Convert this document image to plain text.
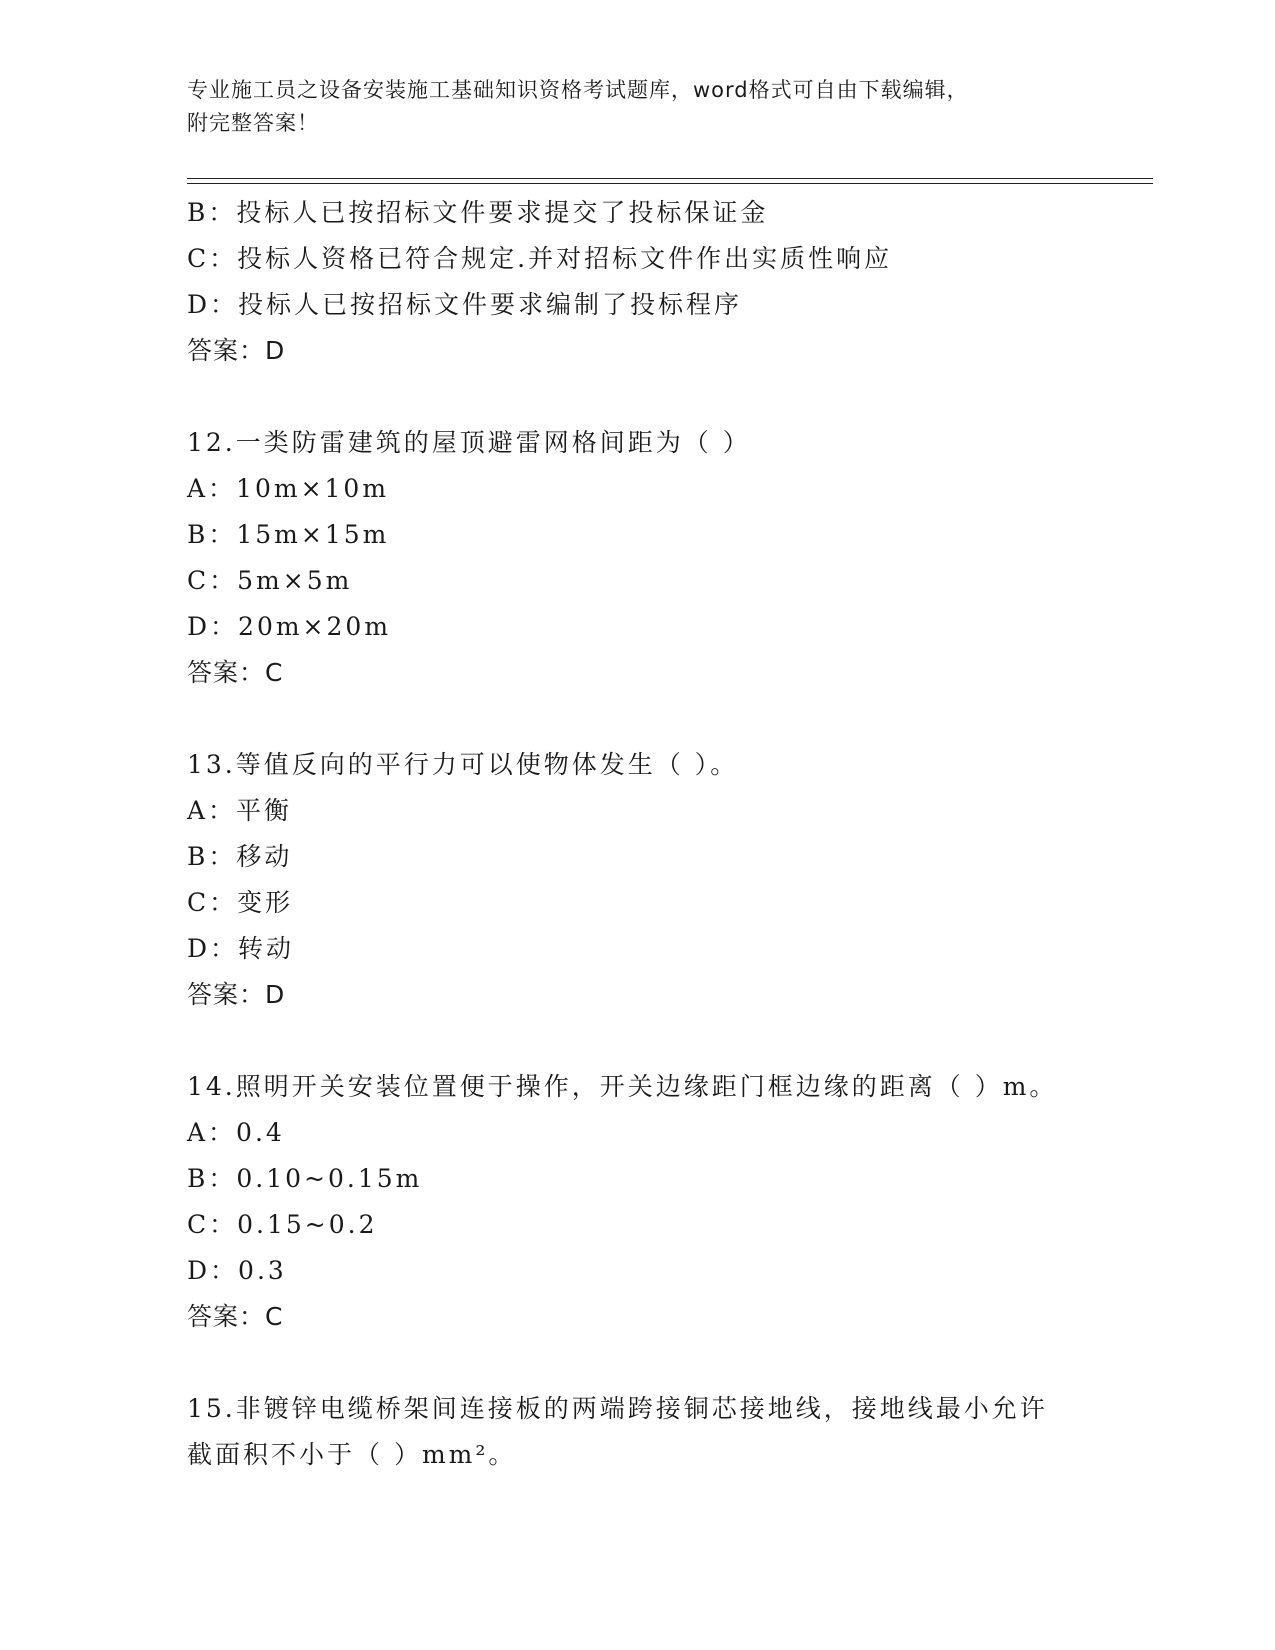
专业施工员之设备安装施工基础知识资格考试题库，word格式可自由下载编辑，
附完整答案！
B：投标人已按招标文件要求提交了投标保证金
C：投标人资格已符合规定.并对招标文件作出实质性响应
D：投标人已按招标文件要求编制了投标程序
答案：D
12.一类防雷建筑的屋顶避雷网格间距为（ ）
A：10m×10m
B：15m×15m
C：5m×5m
D：20m×20m
答案：C
13.等值反向的平行力可以使物体发生（ ）。
A：平衡
B：移动
C：变形
D：转动
答案：D
14.照明开关安装位置便于操作，开关边缘距门框边缘的距离（ ）m。
A：0.4
B：0.10~0.15m
C：0.15~0.2
D：0.3
答案：C
15.非镀锌电缆桥架间连接板的两端跨接铜芯接地线，接地线最小允许
截面积不小于（ ）mm²。
